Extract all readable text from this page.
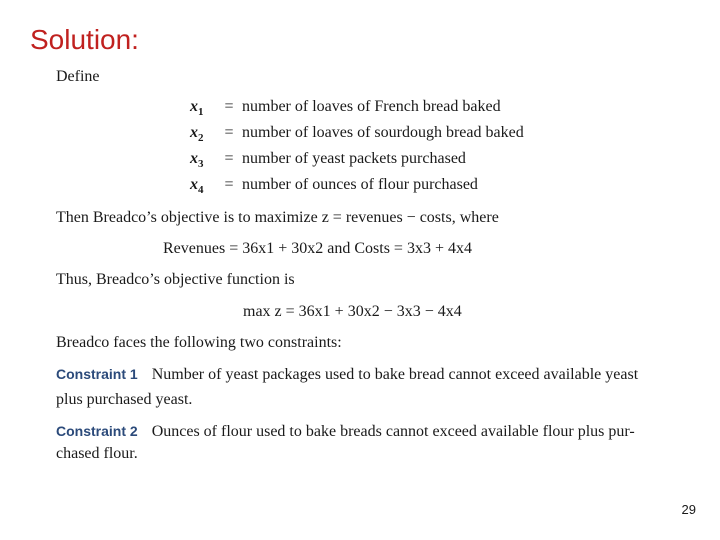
Solution:
Define
$x_1$ = number of loaves of French bread baked
$x_2$ = number of loaves of sourdough bread baked
$x_3$ = number of yeast packets purchased
$x_4$ = number of ounces of flour purchased
Then Breadco’s objective is to maximize z = revenues − costs, where
Revenues = 36x1 + 30x2 and Costs = 3x3 + 4x4
Thus, Breadco’s objective function is
max z = 36x1 + 30x2 − 3x3 − 4x4
Breadco faces the following two constraints:
Constraint 1 Number of yeast packages used to bake bread cannot exceed available yeast
plus purchased yeast.
Constraint 2 Ounces of flour used to bake breads cannot exceed available flour plus pur-
chased flour.
29
